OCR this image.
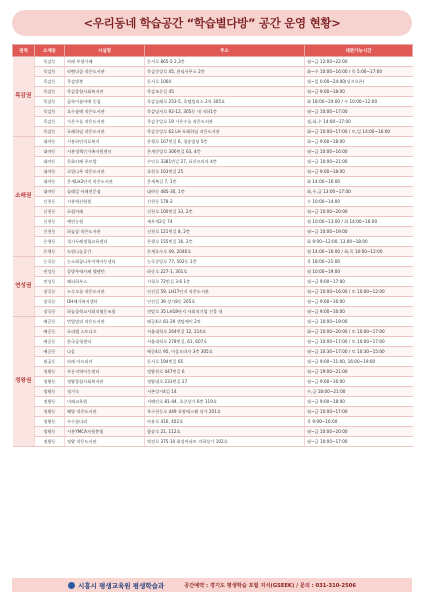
<우리동네 학습공간 “학습별다방” 공간 운영 현황>
권역	소재동	시설명	주소	대관가능시간
목감권	목감동	카페 무향가배	동서로 865-5 2,3층	월~금 12:00~22:00
	목감동	라벤더꿈 작은도서관	목감중앙로 45, 관리사무소 2층	화~수 10:00~16:00 / 목 5:00~17:00
	목감동	목감별봉	동서로 1060	월~일 0:00~24:00(상시오픈)
	목감동	목감종합사회복지관	목감조동길 45	월~금 9:00~18:00
	목감동	꿈학이름마에 동섬	목감둘레로 253-5, 호텔빌리스 2차 305호	화 18:00~20:00 / 수 10:00~12:00
	목감동	호수품에 작은도서관	목감남서로 92-12, 305동 내 지하1층	월~금 10:00~17:00
	목감동	가온수를 작은도서관	목감중앙로 19 가온수를 작은도서관	월,화,수 14:00~17:00
	목감동	포레하임 작은도서관	목감중앙로 62 LH 포레하임 작은도서관	화~금 10:00~17:00 / 토,일 14:00~16:00
소래권	대야동	시흥하인의료복지	은행로 167번길 6, 청송빌딩 5층	화~금 9:00~18:00
	대야동	시흥정책인가족지원센터	은계중앙로 306번길 63, 4층	월~금 10:00~16:00
	대야동	문화카페 푸르랑	수인로 3381번길 27, 표산프라자 4층	월~금 10:00~21:00
	대야동	로열나무 작은도서관	호현로 103번길 25	월~금 9:00~18:00
	대야동	은계LH2단지 작은도서관	은계복길 7, 1층	화 14:00~16:00
	대야동	솔래일 카페전문점	대야동 485-30, 1층	화,수,금 13:00~17:00
	신천동	시흥벽산원원	신천동 178-2	수 10:00~14:00
	신천동	포럼카페	신천로 100번길 33, 2층	월~금 10:00~20:00
	신천동	예연농원	새우개2길 74	월 10:00~13:00 / 화 14:00~16:00
	신천동	하늘꿈 작은도서관	신천로 121번길 8, 2층	월~금 10:00~19:00
	은행동	경기두레생협교육센터	은행로 155번길 16, 2층	화 9:00~12:00, 13:00~18:00
	은행동	도원나눔공간	은계호수로 49, 2046호	월 14:00~16:00 / 화,목 10:00~12:00
연성권	능곡동	능소화꿈나무지역아동센터	능곡중앙로 77, 502동 1층	목 18:00~21:00
	연성동	공방무역카페 헬렌던	하중로 227-1, 301호	월 10:00~19:00
	연성동	해피하우스	시청로 72번길 3-6 1층	월~금 9:00~17:00
	장곡동	누루모꿀 작은도서관	인선길 59, LH17단지 작은도서관	월~금 10:00~16:00 / 토 10:00~12:00
	장곡동	OH해가복지센터	인선길 39 상가8동 205호	월~금 9:00~16:00
	장곡동	하늘꿈학교사회적협동조합	진말로 35 LH18단지 사회적기업 건물 내	월~금 9:00~16:00
정왕권	배곧동	번업말리 작은도서관	배곧4로 81-29 센텀베이 2차	월~금 10:00~19:00
	배곧동	포리델 스토디오	서울대학로 264번길 12, 214호	화~금 10:00~20:00 / 토 10:00~17:00
	배곧동	한국꿈청센터	서울대학로 278번길, 61, 607호	월~금 10:00~17:00 / 토 10:00~17:00
	배곧동	나음	배곧4로 95, 이음프라자 3층 305호	월~금 10:30~17:00 / 토 10:30~15:00
	월곶동	카페 아프리카	동서로 194번길 65	월~금 9:00~11:00, 16:00~19:00
	정왕동	푸른지역아동센터	정왕천로 447번길 6	월~금 19:00~21:00
	정왕동	정왕종합사회복지관	정왕대로 233번길 27	월~금 9:00~16:00
	정왕동	청기숙	서촌상가4길 14	수,금 18:00~21:00
	정왕동	미래교육원	서해안로 81-44, 호중상가 6층 119호	월~금 9:00~18:00
	정왕동	해양 작은도서관	옥구천동로 449 호양테스퀘 상가 201호	월~금 10:00~17:00
	정왕동	수수꽃다리	마유로 416, 402호	목 9:00~16:00
	정왕동	시흥YMCA자원봉협	함송로 21, 112호	월~금 10:00~20:00
	정왕동	정왕 작은도서관	역전로 375-10 화성아파트 지하상가 102호	월~금 10:00~17:00
시흥시 평생교육원 평생학습과	공간예약 : 경기도 평생학습 포털 지식(GSEEK) / 문의 : 031-310-2506
